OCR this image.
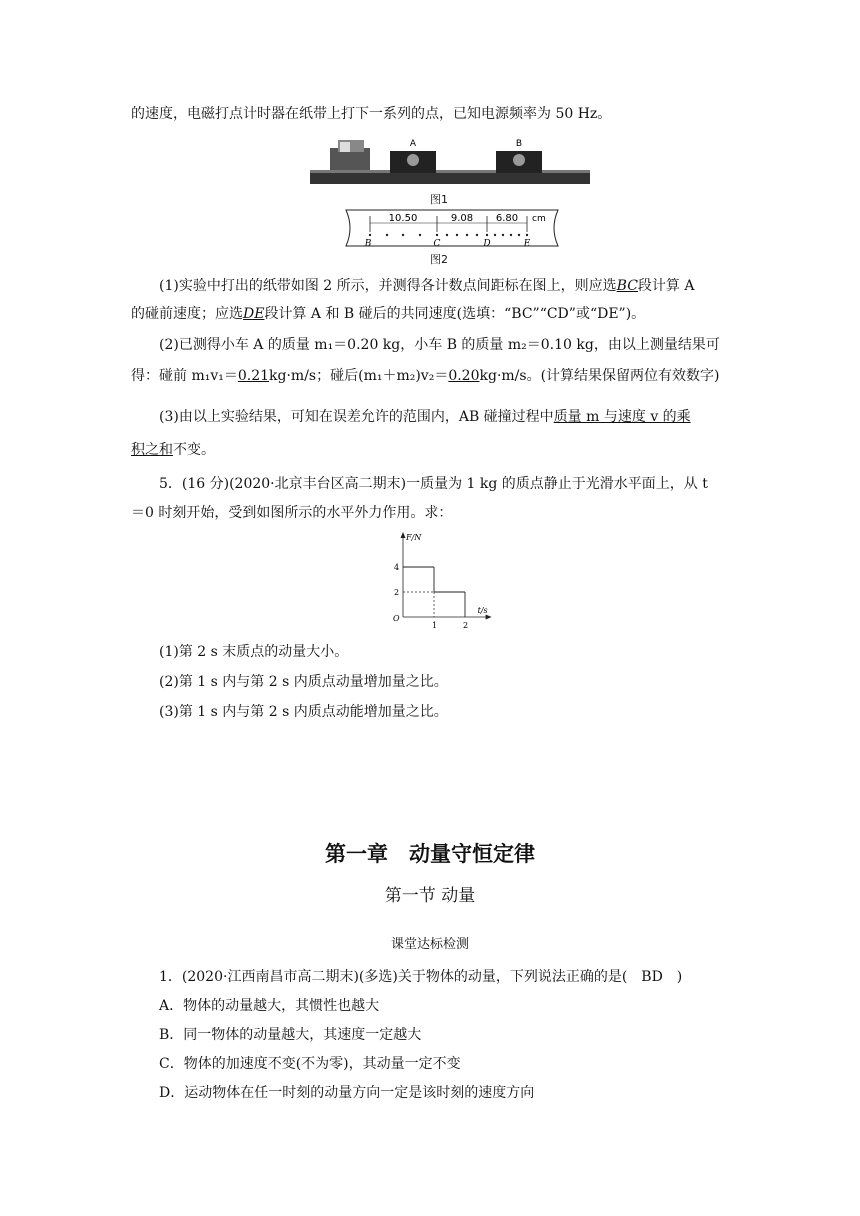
的速度，电磁打点计时器在纸带上打下一系列的点，已知电源频率为 50 Hz。
A	B
图1
10.50	9.08 6.80 cm
B	C	D	E
图2
(1)实验中打出的纸带如图 2 所示，并测得各计数点间距标在图上，则应选BC段计算 A
的碰前速度；应选DE段计算 A 和 B 碰后的共同速度(选填：“BC”“CD”或“DE”)。
(2)已测得小车 A 的质量 m₁＝0.20 kg，小车 B 的质量 m₂＝0.10 kg，由以上测量结果可
得：碰前 m₁v₁＝0.21kg·m/s；碰后(m₁＋m₂)v₂＝0.20kg·m/s。(计算结果保留两位有效数字)
(3)由以上实验结果，可知在误差允许的范围内，AB 碰撞过程中质量 m 与速度 v 的乘
积之和不变。
5．(16 分)(2020·北京丰台区高二期末)一质量为 1 kg 的质点静止于光滑水平面上，从 t
＝0 时刻开始，受到如图所示的水平外力作用。求：
F/N
t/s
O
1	2
2
4
(1)第 2 s 末质点的动量大小。
(2)第 1 s 内与第 2 s 内质点动量增加量之比。
(3)第 1 s 内与第 2 s 内质点动能增加量之比。
第一章　动量守恒定律
第一节 动量
课堂达标检测
1．(2020·江西南昌市高二期末)(多选)关于物体的动量，下列说法正确的是(　BD　)
A．物体的动量越大，其惯性也越大
B．同一物体的动量越大，其速度一定越大
C．物体的加速度不变(不为零)，其动量一定不变
D．运动物体在任一时刻的动量方向一定是该时刻的速度方向
